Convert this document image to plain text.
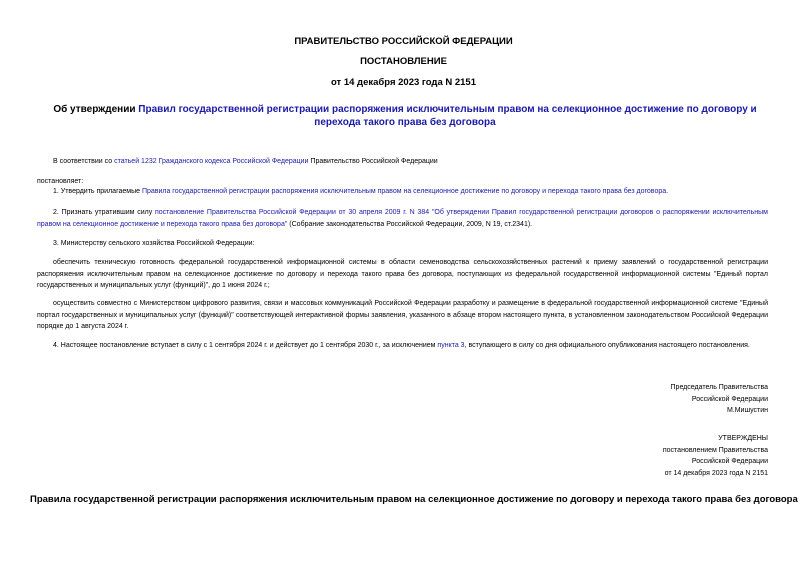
ПРАВИТЕЛЬСТВО РОССИЙСКОЙ ФЕДЕРАЦИИ
ПОСТАНОВЛЕНИЕ
от 14 декабря 2023 года N 2151
Об утверждении Правил государственной регистрации распоряжения исключительным правом на селекционное достижение по договору и перехода такого права без договора
В соответствии со статьей 1232 Гражданского кодекса Российской Федерации Правительство Российской Федерации
постановляет:
1. Утвердить прилагаемые Правила государственной регистрации распоряжения исключительным правом на селекционное достижение по договору и перехода такого права без договора.
2. Признать утратившим силу постановление Правительства Российской Федерации от 30 апреля 2009 г. N 384 "Об утверждении Правил государственной регистрации договоров о распоряжении исключительным правом на селекционное достижение и перехода такого права без договора" (Собрание законодательства Российской Федерации, 2009, N 19, ст.2341).
3. Министерству сельского хозяйства Российской Федерации:
обеспечить техническую готовность федеральной государственной информационной системы в области семеноводства сельскохозяйственных растений к приему заявлений о государственной регистрации распоряжения исключительным правом на селекционное достижение по договору и перехода такого права без договора, поступающих из федеральной государственной информационной системы "Единый портал государственных и муниципальных услуг (функций)", до 1 июня 2024 г.;
осуществить совместно с Министерством цифрового развития, связи и массовых коммуникаций Российской Федерации разработку и размещение в федеральной государственной информационной системе "Единый портал государственных и муниципальных услуг (функций)" соответствующей интерактивной формы заявления, указанного в абзаце втором настоящего пункта, в установленном законодательством Российской Федерации порядке до 1 августа 2024 г.
4. Настоящее постановление вступает в силу с 1 сентября 2024 г. и действует до 1 сентября 2030 г., за исключением пункта 3, вступающего в силу со дня официального опубликования настоящего постановления.
Председатель Правительства
Российской Федерации
М.Мишустин
УТВЕРЖДЕНЫ
постановлением Правительства
Российской Федерации
от 14 декабря 2023 года N 2151
Правила государственной регистрации распоряжения исключительным правом на селекционное достижение по договору и перехода такого права без договора
